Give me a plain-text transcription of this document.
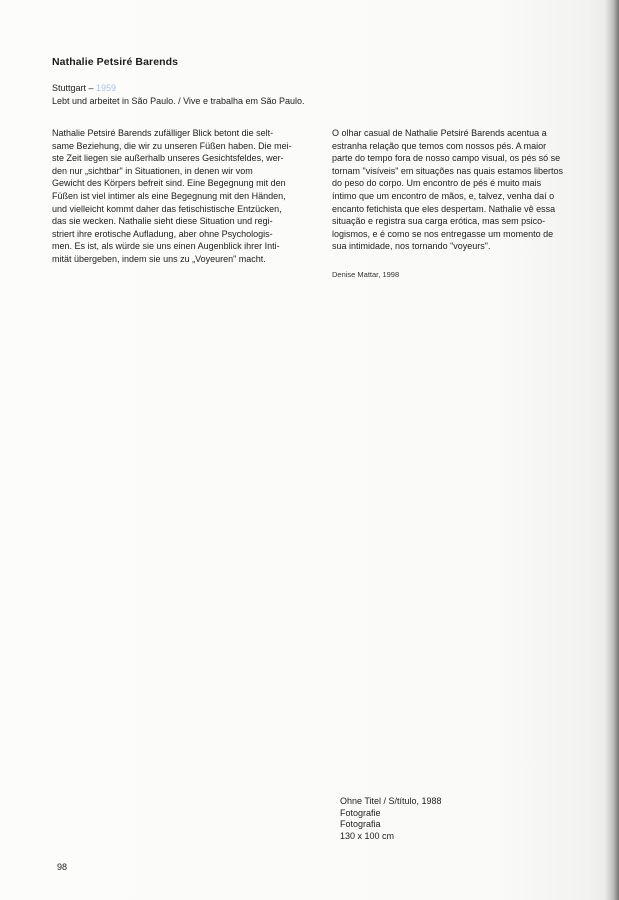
Nathalie Petsiré Barends
Stuttgart – 1959
Lebt und arbeitet in São Paulo. / Vive e trabalha em São Paulo.
Nathalie Petsiré Barends zufälliger Blick betont die selt-
same Beziehung, die wir zu unseren Füßen haben. Die mei-
ste Zeit liegen sie außerhalb unseres Gesichtsfeldes, wer-
den nur „sichtbar" in Situationen, in denen wir vom
Gewicht des Körpers befreit sind. Eine Begegnung mit den
Füßen ist viel intimer als eine Begegnung mit den Händen,
und vielleicht kommt daher das fetischistische Entzücken,
das sie wecken. Nathalie sieht diese Situation und regi-
striert ihre erotische Aufladung, aber ohne Psychologis-
men. Es ist, als würde sie uns einen Augenblick ihrer Inti-
mität übergeben, indem sie uns zu „Voyeuren" macht.
O olhar casual de Nathalie Petsiré Barends acentua a
estranha relação que temos com nossos pés. A maior
parte do tempo fora de nosso campo visual, os pés só se
tornam "visíveis" em situações nas quais estamos libertos
do peso do corpo. Um encontro de pés é muito mais
íntimo que um encontro de mãos, e, talvez, venha daí o
encanto fetichista que eles despertam. Nathalie vê essa
situação e registra sua carga erótica, mas sem psico-
logismos, e é como se nos entregasse um momento de
sua intimidade, nos tornando "voyeurs".
Denise Mattar, 1998
Ohne Titel / S/título, 1988
Fotografie
Fotografia
130 x 100 cm
98
